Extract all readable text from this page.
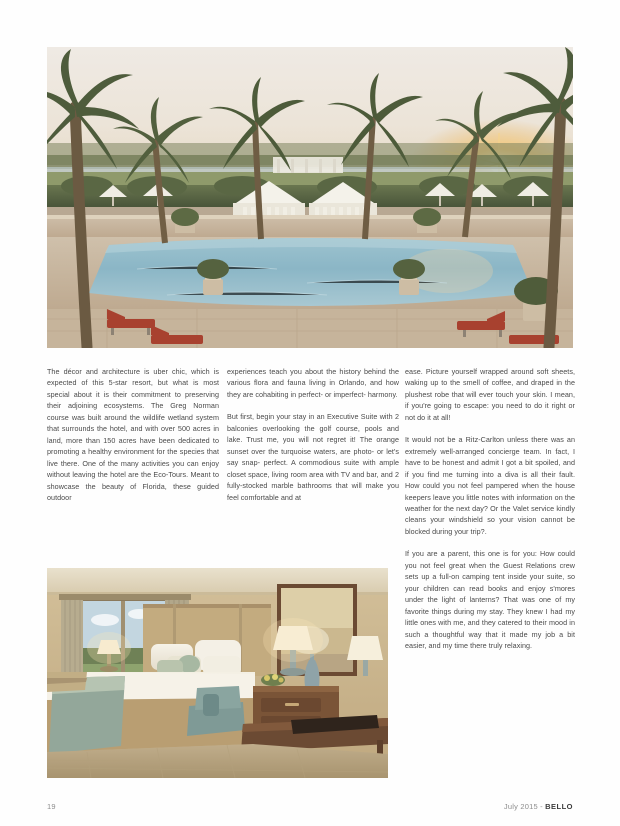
The décor and architecture is uber chic, which is expected of this 5-star resort, but what is most special about it is their commitment to preserving their adjoining ecosystems. The Greg Norman course was built around the wildlife wetland system that surrounds the hotel, and with over 500 acres in land, more than 150 acres have been dedicated to promoting a healthy environment for the species that live there. One of the many activities you can enjoy without leaving the hotel are the Eco-Tours. Meant to showcase the beauty of Florida, these guided outdoor

experiences teach you about the history behind the various flora and fauna living in Orlando, and how they are cohabiting in perfect- or imperfect- harmony.

But first, begin your stay in an Executive Suite with 2 balconies overlooking the golf course, pools and lake. Trust me, you will not regret it! The orange sunset over the turquoise waters, are photo- or let's say snap- perfect. A commodious suite with ample closet space, living room area with TV and bar, and 2 fully-stocked marble bathrooms that will make you feel comfortable and at

ease. Picture yourself wrapped around soft sheets, waking up to the smell of coffee, and draped in the plushest robe that will ever touch your skin. I mean, if you're going to escape: you need to do it right or not do it at all!

It would not be a Ritz-Carlton unless there was an extremely well-arranged concierge team. In fact, I have to be honest and admit I got a bit spoiled, and if you find me turning into a diva is all their fault. How could you not feel pampered when the house keepers leave you little notes with information on the weather for the next day? Or the Valet service kindly cleans your windshield so your vision cannot be blocked during your trip?.

If you are a parent, this one is for you: How could you not feel great when the Guest Relations crew sets up a full-on camping tent inside your suite, so your children can read books and enjoy s'mores under the light of lanterns? That was one of my favorite things during my stay. They knew I had my little ones with me, and they catered to their mood in such a thoughtful way that it made my job a bit easier, and my time there truly relaxing.

19	July 2015 - BELLO
